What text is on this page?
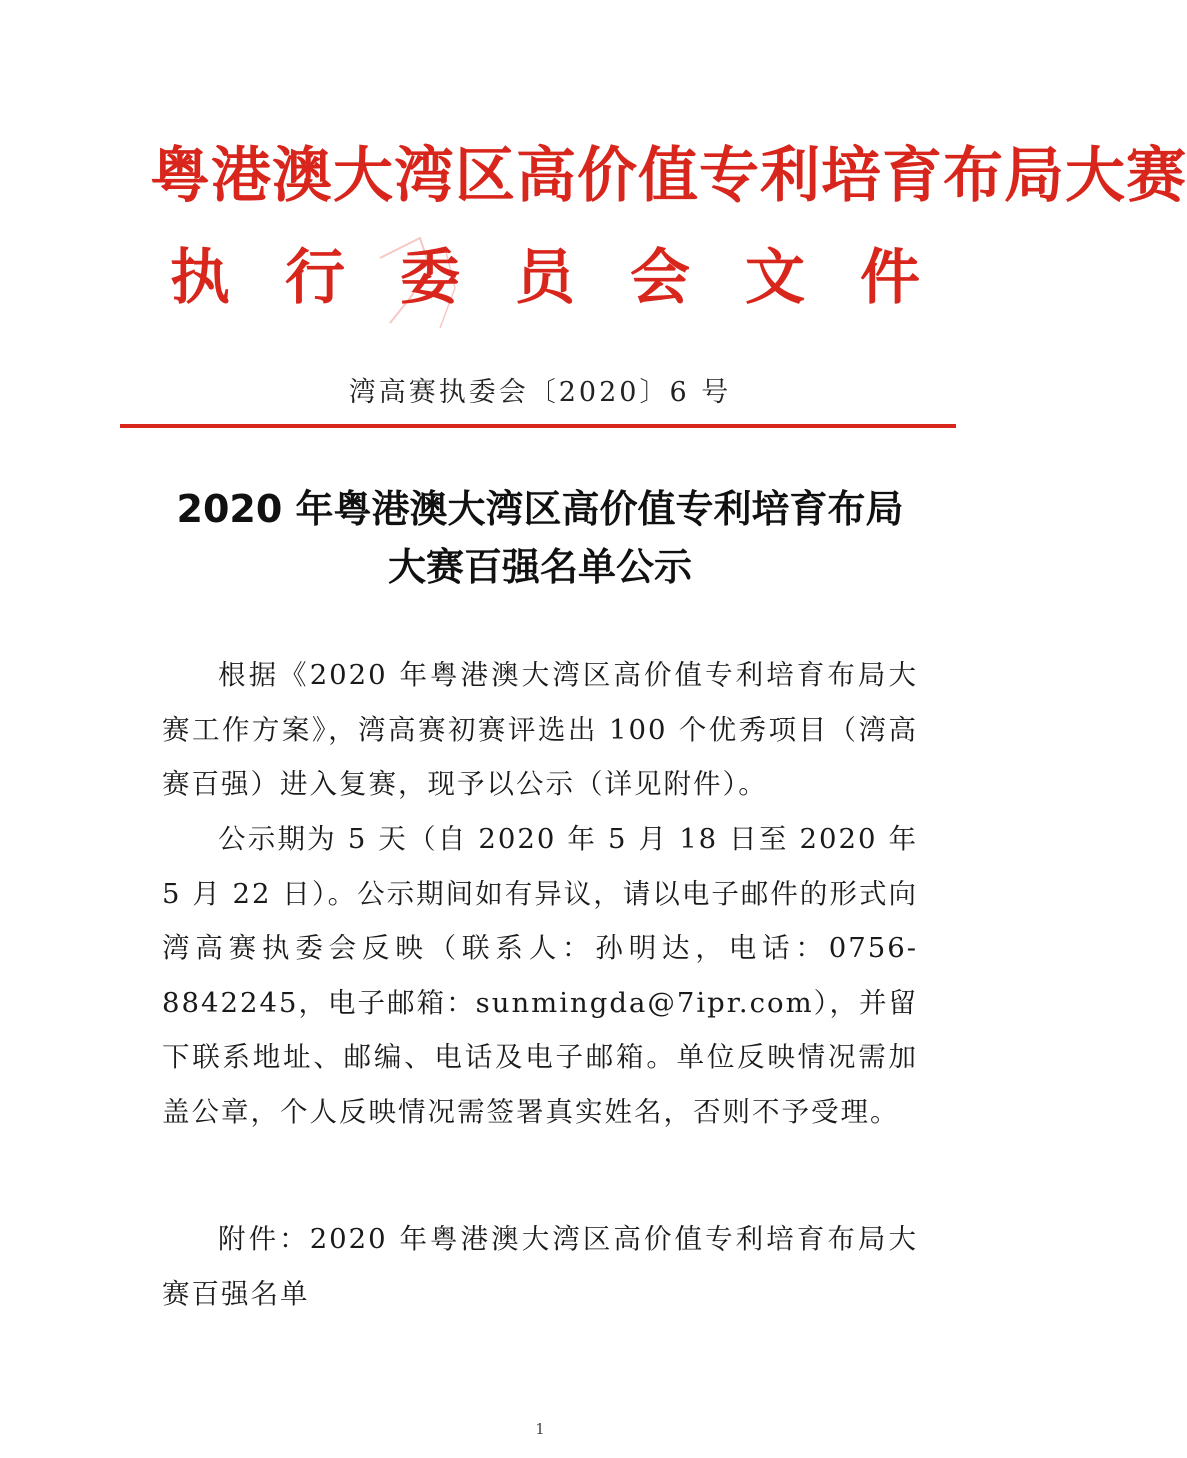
粤港澳大湾区高价值专利培育布局大赛
执 行 委 员 会 文 件
湾高赛执委会〔2020〕6 号
2020 年粤港澳大湾区高价值专利培育布局
大赛百强名单公示
根据《2020 年粤港澳大湾区高价值专利培育布局大赛工作方案》，湾高赛初赛评选出 100 个优秀项目（湾高赛百强）进入复赛，现予以公示（详见附件）。
公示期为 5 天（自 2020 年 5 月 18 日至 2020 年 5 月 22 日）。公示期间如有异议，请以电子邮件的形式向湾高赛执委会反映（联系人：孙明达，电话：0756-8842245，电子邮箱：sunmingda@7ipr.com），并留下联系地址、邮编、电话及电子邮箱。单位反映情况需加盖公章，个人反映情况需签署真实姓名，否则不予受理。
附件：2020 年粤港澳大湾区高价值专利培育布局大赛百强名单
1
